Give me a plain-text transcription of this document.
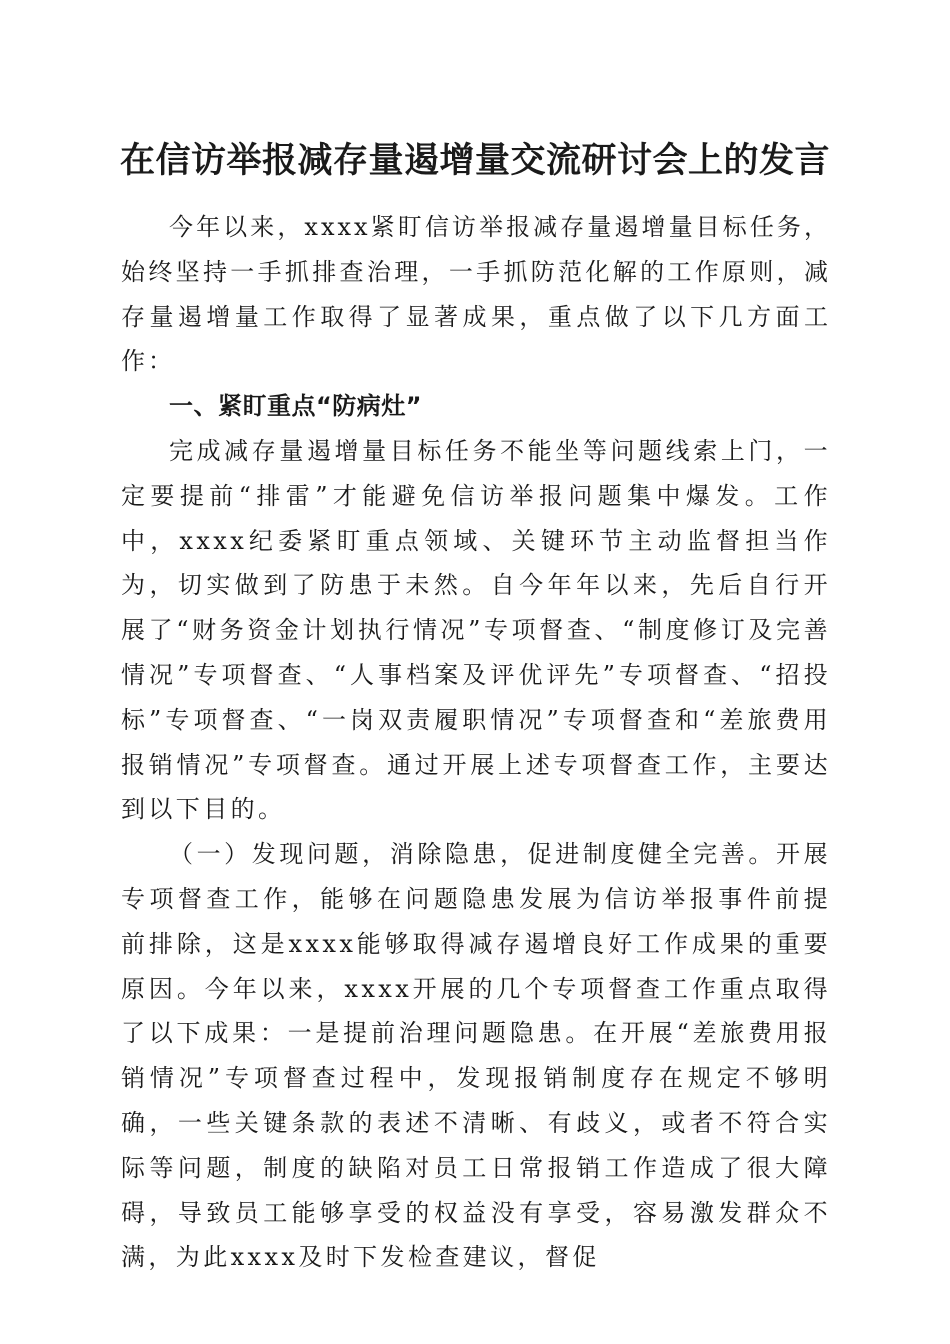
在信访举报减存量遏增量交流研讨会上的发言

今年以来，xxxx紧盯信访举报减存量遏增量目标任务，始终坚持一手抓排查治理，一手抓防范化解的工作原则，减存量遏增量工作取得了显著成果，重点做了以下几方面工作：

一、紧盯重点“防病灶”

完成减存量遏增量目标任务不能坐等问题线索上门，一定要提前“排雷”才能避免信访举报问题集中爆发。工作中，xxxx纪委紧盯重点领域、关键环节主动监督担当作为，切实做到了防患于未然。自今年年以来，先后自行开展了“财务资金计划执行情况”专项督查、“制度修订及完善情况”专项督查、“人事档案及评优评先”专项督查、“招投标”专项督查、“一岗双责履职情况”专项督查和“差旅费用报销情况”专项督查。通过开展上述专项督查工作，主要达到以下目的。

（一）发现问题，消除隐患，促进制度健全完善。开展专项督查工作，能够在问题隐患发展为信访举报事件前提前排除，这是xxxx能够取得减存遏增良好工作成果的重要原因。今年以来，xxxx开展的几个专项督查工作重点取得了以下成果：一是提前治理问题隐患。在开展“差旅费用报销情况”专项督查过程中，发现报销制度存在规定不够明确，一些关键条款的表述不清晰、有歧义，或者不符合实际等问题，制度的缺陷对员工日常报销工作造成了很大障碍，导致员工能够享受的权益没有享受，容易激发群众不满，为此xxxx及时下发检查建议，督促
